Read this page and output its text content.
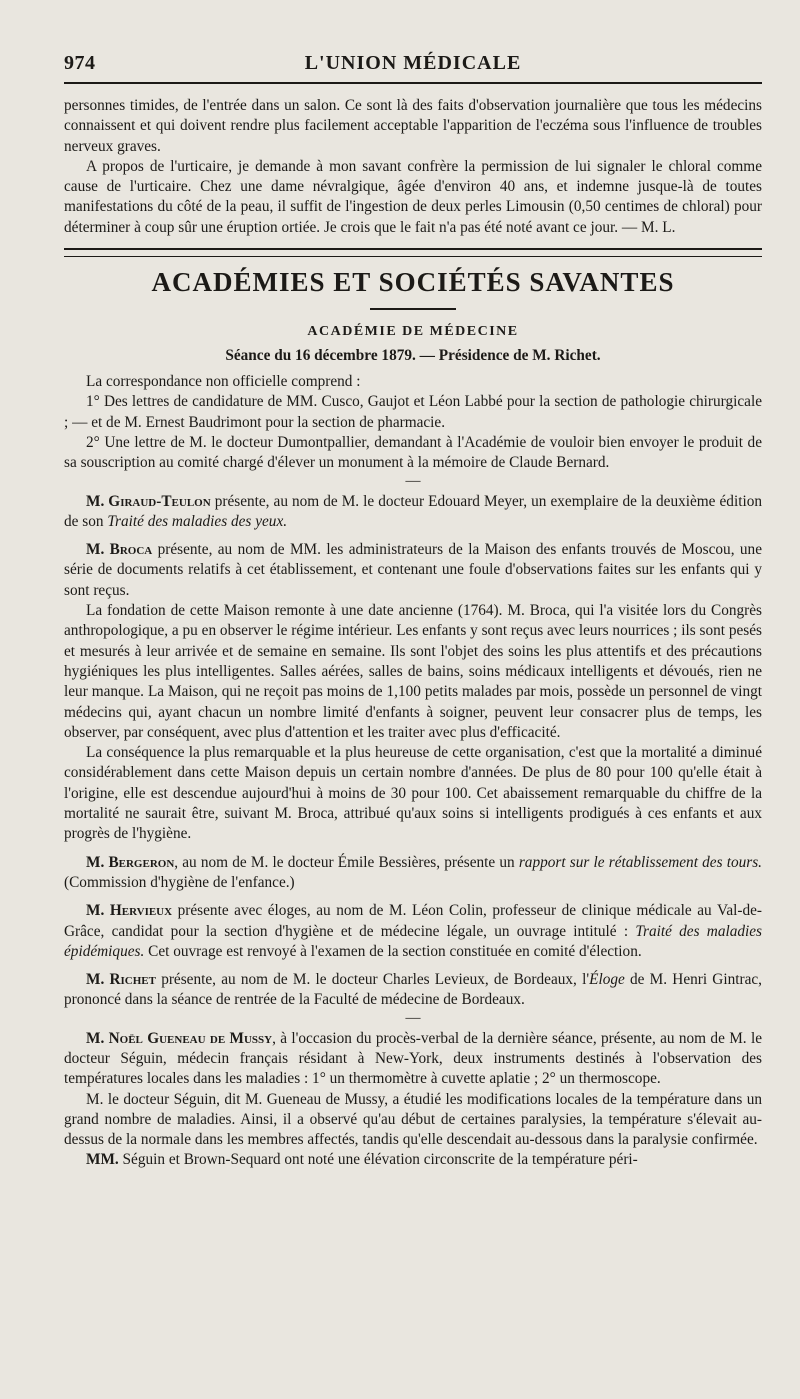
974	L'UNION MÉDICALE

personnes timides, de l'entrée dans un salon. Ce sont là des faits d'observation journalière que tous les médecins connaissent et qui doivent rendre plus facilement acceptable l'apparition de l'eczéma sous l'influence de troubles nerveux graves.

A propos de l'urticaire, je demande à mon savant confrère la permission de lui signaler le chloral comme cause de l'urticaire. Chez une dame névralgique, âgée d'environ 40 ans, et indemne jusque-là de toutes manifestations du côté de la peau, il suffit de l'ingestion de deux perles Limousin (0,50 centimes de chloral) pour déterminer à coup sûr une éruption ortiée. Je crois que le fait n'a pas été noté avant ce jour. — M. L.

ACADÉMIES ET SOCIÉTÉS SAVANTES
ACADÉMIE DE MÉDECINE
Séance du 16 décembre 1879. — Présidence de M. Richet.

La correspondance non officielle comprend :

1° Des lettres de candidature de MM. Cusco, Gaujot et Léon Labbé pour la section de pathologie chirurgicale ; — et de M. Ernest Baudrimont pour la section de pharmacie.

2° Une lettre de M. le docteur Dumontpallier, demandant à l'Académie de vouloir bien envoyer le produit de sa souscription au comité chargé d'élever un monument à la mémoire de Claude Bernard.

—

M. Giraud-Teulon présente, au nom de M. le docteur Edouard Meyer, un exemplaire de la deuxième édition de son Traité des maladies des yeux.

M. Broca présente, au nom de MM. les administrateurs de la Maison des enfants trouvés de Moscou, une série de documents relatifs à cet établissement, et contenant une foule d'observations faites sur les enfants qui y sont reçus.

La fondation de cette Maison remonte à une date ancienne (1764). M. Broca, qui l'a visitée lors du Congrès anthropologique, a pu en observer le régime intérieur. Les enfants y sont reçus avec leurs nourrices ; ils sont pesés et mesurés à leur arrivée et de semaine en semaine. Ils sont l'objet des soins les plus attentifs et des précautions hygiéniques les plus intelligentes. Salles aérées, salles de bains, soins médicaux intelligents et dévoués, rien ne leur manque. La Maison, qui ne reçoit pas moins de 1,100 petits malades par mois, possède un personnel de vingt médecins qui, ayant chacun un nombre limité d'enfants à soigner, peuvent leur consacrer plus de temps, les observer, par conséquent, avec plus d'attention et les traiter avec plus d'efficacité.

La conséquence la plus remarquable et la plus heureuse de cette organisation, c'est que la mortalité a diminué considérablement dans cette Maison depuis un certain nombre d'années. De plus de 80 pour 100 qu'elle était à l'origine, elle est descendue aujourd'hui à moins de 30 pour 100. Cet abaissement remarquable du chiffre de la mortalité ne saurait être, suivant M. Broca, attribué qu'aux soins si intelligents prodigués à ces enfants et aux progrès de l'hygiène.

M. Bergeron, au nom de M. le docteur Émile Bessières, présente un rapport sur le rétablissement des tours. (Commission d'hygiène de l'enfance.)

M. Hervieux présente avec éloges, au nom de M. Léon Colin, professeur de clinique médicale au Val-de-Grâce, candidat pour la section d'hygiène et de médecine légale, un ouvrage intitulé : Traité des maladies épidémiques. Cet ouvrage est renvoyé à l'examen de la section constituée en comité d'élection.

M. Richet présente, au nom de M. le docteur Charles Levieux, de Bordeaux, l'Éloge de M. Henri Gintrac, prononcé dans la séance de rentrée de la Faculté de médecine de Bordeaux.

—

M. Noël Gueneau de Mussy, à l'occasion du procès-verbal de la dernière séance, présente, au nom de M. le docteur Séguin, médecin français résidant à New-York, deux instruments destinés à l'observation des températures locales dans les maladies : 1° un thermomètre à cuvette aplatie ; 2° un thermoscope.

M. le docteur Séguin, dit M. Gueneau de Mussy, a étudié les modifications locales de la température dans un grand nombre de maladies. Ainsi, il a observé qu'au début de certaines paralysies, la température s'élevait au-dessus de la normale dans les membres affectés, tandis qu'elle descendait au-dessous dans la paralysie confirmée.

MM. Séguin et Brown-Sequard ont noté une élévation circonscrite de la température péri-
